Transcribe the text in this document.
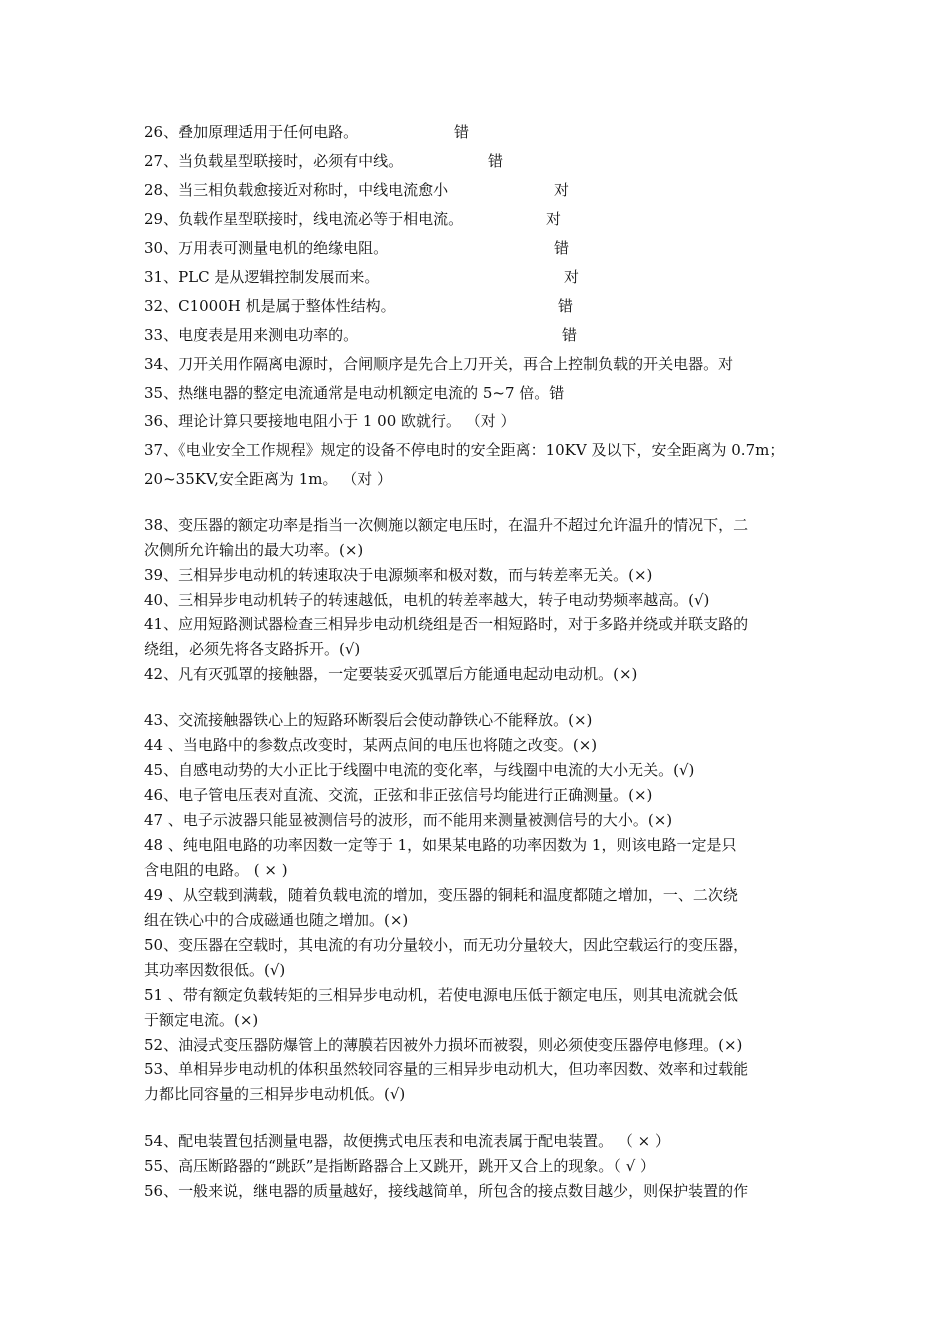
26、叠加原理适用于任何电路。	错
27、当负载星型联接时，必须有中线。	错
28、当三相负载愈接近对称时，中线电流愈小	对
29、负载作星型联接时，线电流必等于相电流。	对
30、万用表可测量电机的绝缘电阻。	错
31、PLC 是从逻辑控制发展而来。	对
32、C1000H 机是属于整体性结构。	错
33、电度表是用来测电功率的。	错
34、刀开关用作隔离电源时，合闸顺序是先合上刀开关，再合上控制负载的开关电器。对
35、热继电器的整定电流通常是电动机额定电流的 5~7 倍。错
36、理论计算只要接地电阻小于 1 00 欧就行。 （对 ）
37、《电业安全工作规程》规定的设备不停电时的安全距离：10KV 及以下，安全距离为 0.7m；
20~35KV,安全距离为 1m。 （对 ）
38、变压器的额定功率是指当一次侧施以额定电压时，在温升不超过允许温升的情况下，二
次侧所允许输出的最大功率。(×)
39、三相异步电动机的转速取决于电源频率和极对数，而与转差率无关。(×)
40、三相异步电动机转子的转速越低，电机的转差率越大，转子电动势频率越高。(√)
41、应用短路测试器检查三相异步电动机绕组是否一相短路时，对于多路并绕或并联支路的
绕组，必须先将各支路拆开。(√)
42、凡有灭弧罩的接触器，一定要装妥灭弧罩后方能通电起动电动机。(×)
43、交流接触器铁心上的短路环断裂后会使动静铁心不能释放。(×)
44 、当电路中的参数点改变时，某两点间的电压也将随之改变。(×)
45、自感电动势的大小正比于线圈中电流的变化率，与线圈中电流的大小无关。(√)
46、电子管电压表对直流、交流，正弦和非正弦信号均能进行正确测量。(×)
47 、电子示波器只能显被测信号的波形，而不能用来测量被测信号的大小。(×)
48 、纯电阻电路的功率因数一定等于 1，如果某电路的功率因数为 1，则该电路一定是只
含电阻的电路。 ( × )
49 、从空载到满载，随着负载电流的增加，变压器的铜耗和温度都随之增加，一、二次绕
组在铁心中的合成磁通也随之增加。(×)
50、变压器在空载时，其电流的有功分量较小，而无功分量较大，因此空载运行的变压器，
其功率因数很低。(√)
51 、带有额定负载转矩的三相异步电动机，若使电源电压低于额定电压，则其电流就会低
于额定电流。(×)
52、油浸式变压器防爆管上的薄膜若因被外力损坏而被裂，则必须使变压器停电修理。(×)
53、单相异步电动机的体积虽然较同容量的三相异步电动机大，但功率因数、效率和过载能
力都比同容量的三相异步电动机低。(√)
54、配电装置包括测量电器，故便携式电压表和电流表属于配电装置。 （ × ）
55、高压断路器的“跳跃”是指断路器合上又跳开，跳开又合上的现象。（ √ ）
56、一般来说，继电器的质量越好，接线越简单，所包含的接点数目越少，则保护装置的作
